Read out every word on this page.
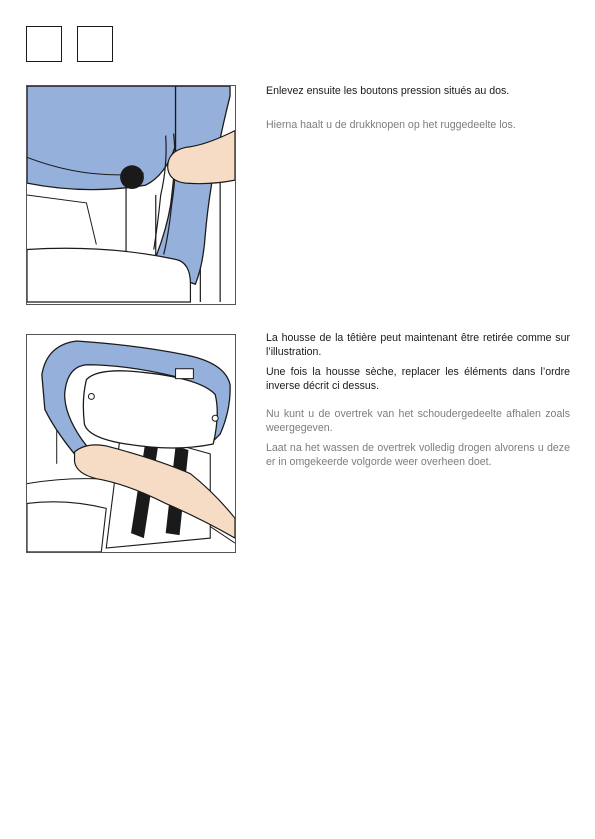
Enlevez ensuite les boutons pression situés au dos.

Hierna haalt u de drukknopen op het ruggedeelte los.

La housse de la têtière peut maintenant être retirée comme sur l’illustration.

Une fois la housse sèche, replacer les éléments dans l’ordre inverse décrit ci dessus.

Nu kunt u de overtrek van het schoudergedeelte afhalen zoals weergegeven.

Laat na het wassen de overtrek volledig drogen alvorens u deze er in omgekeerde volgorde weer overheen doet.
